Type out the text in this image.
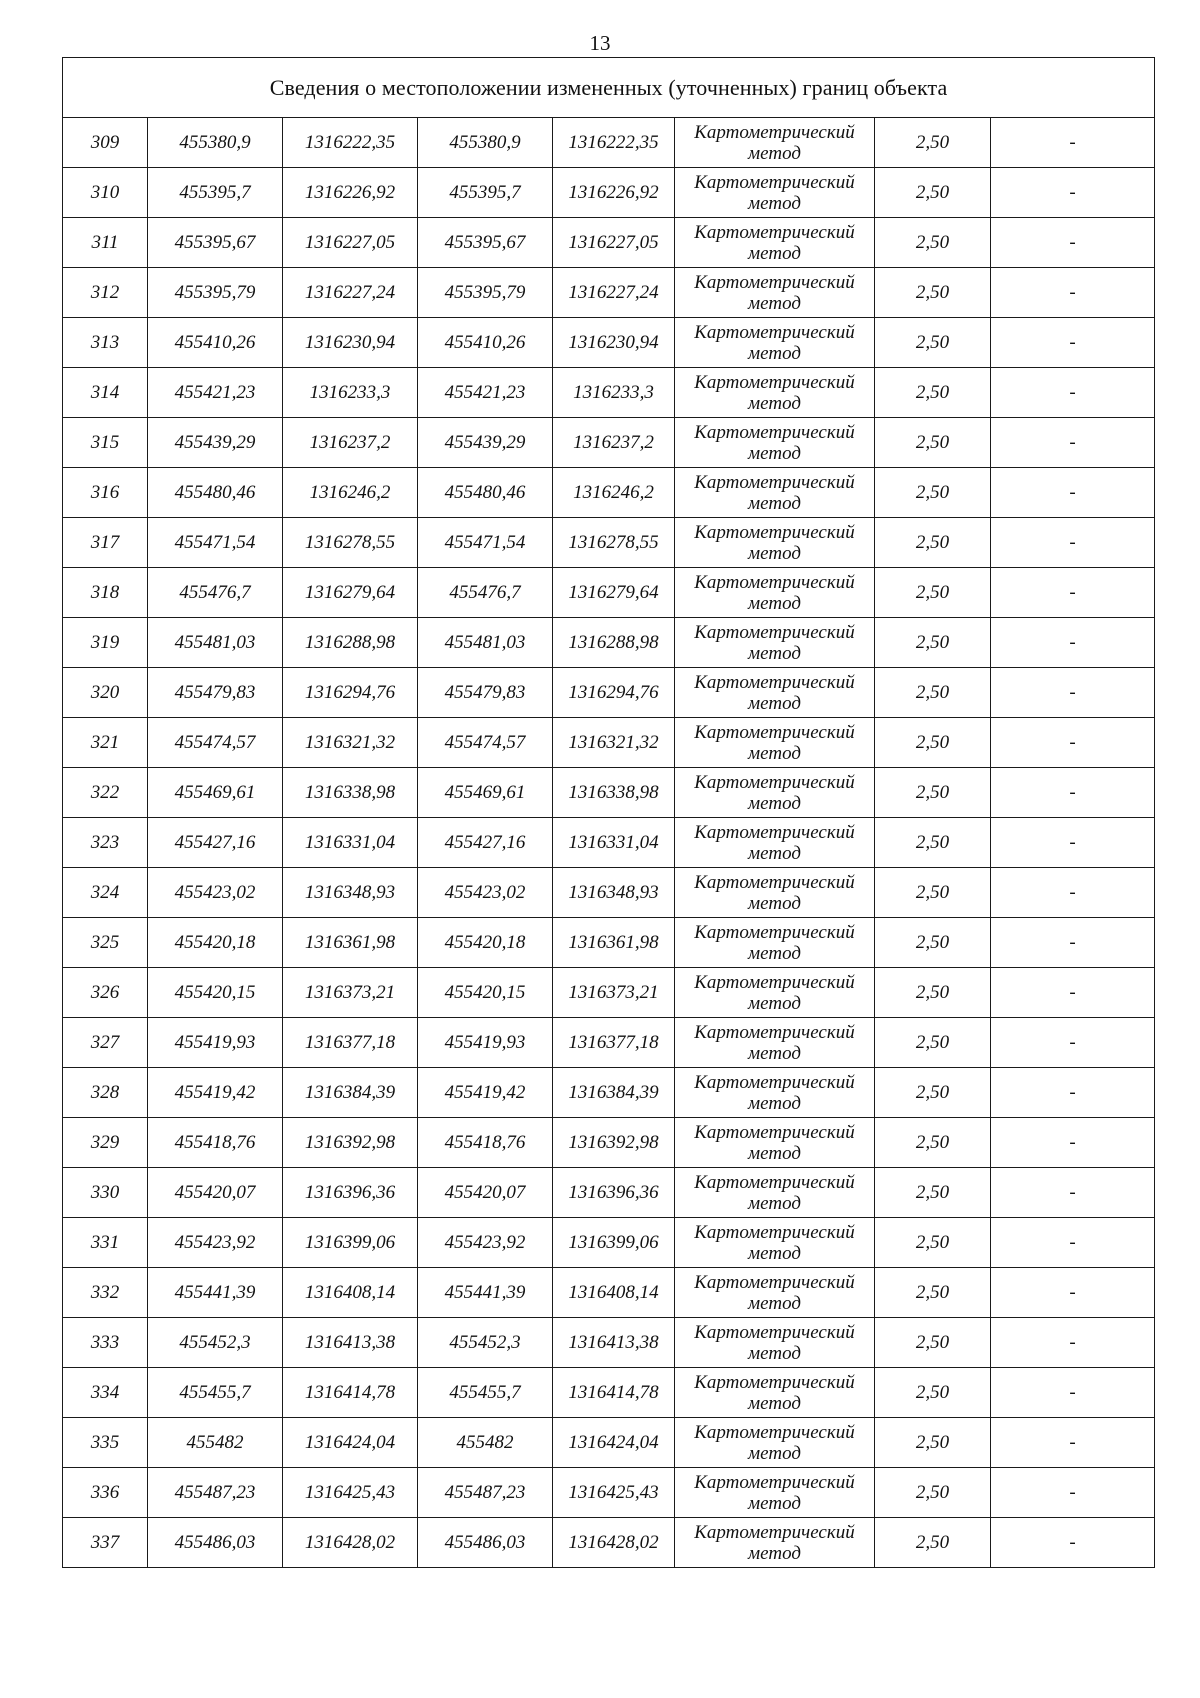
13
Сведения о местоположении измененных (уточненных) границ объекта							
309	455380,9	1316222,35	455380,9	1316222,35	Картометрический
метод	2,50	-
310	455395,7	1316226,92	455395,7	1316226,92	Картометрический
метод	2,50	-
311	455395,67	1316227,05	455395,67	1316227,05	Картометрический
метод	2,50	-
312	455395,79	1316227,24	455395,79	1316227,24	Картометрический
метод	2,50	-
313	455410,26	1316230,94	455410,26	1316230,94	Картометрический
метод	2,50	-
314	455421,23	1316233,3	455421,23	1316233,3	Картометрический
метод	2,50	-
315	455439,29	1316237,2	455439,29	1316237,2	Картометрический
метод	2,50	-
316	455480,46	1316246,2	455480,46	1316246,2	Картометрический
метод	2,50	-
317	455471,54	1316278,55	455471,54	1316278,55	Картометрический
метод	2,50	-
318	455476,7	1316279,64	455476,7	1316279,64	Картометрический
метод	2,50	-
319	455481,03	1316288,98	455481,03	1316288,98	Картометрический
метод	2,50	-
320	455479,83	1316294,76	455479,83	1316294,76	Картометрический
метод	2,50	-
321	455474,57	1316321,32	455474,57	1316321,32	Картометрический
метод	2,50	-
322	455469,61	1316338,98	455469,61	1316338,98	Картометрический
метод	2,50	-
323	455427,16	1316331,04	455427,16	1316331,04	Картометрический
метод	2,50	-
324	455423,02	1316348,93	455423,02	1316348,93	Картометрический
метод	2,50	-
325	455420,18	1316361,98	455420,18	1316361,98	Картометрический
метод	2,50	-
326	455420,15	1316373,21	455420,15	1316373,21	Картометрический
метод	2,50	-
327	455419,93	1316377,18	455419,93	1316377,18	Картометрический
метод	2,50	-
328	455419,42	1316384,39	455419,42	1316384,39	Картометрический
метод	2,50	-
329	455418,76	1316392,98	455418,76	1316392,98	Картометрический
метод	2,50	-
330	455420,07	1316396,36	455420,07	1316396,36	Картометрический
метод	2,50	-
331	455423,92	1316399,06	455423,92	1316399,06	Картометрический
метод	2,50	-
332	455441,39	1316408,14	455441,39	1316408,14	Картометрический
метод	2,50	-
333	455452,3	1316413,38	455452,3	1316413,38	Картометрический
метод	2,50	-
334	455455,7	1316414,78	455455,7	1316414,78	Картометрический
метод	2,50	-
335	455482	1316424,04	455482	1316424,04	Картометрический
метод	2,50	-
336	455487,23	1316425,43	455487,23	1316425,43	Картометрический
метод	2,50	-
337	455486,03	1316428,02	455486,03	1316428,02	Картометрический
метод	2,50	-
